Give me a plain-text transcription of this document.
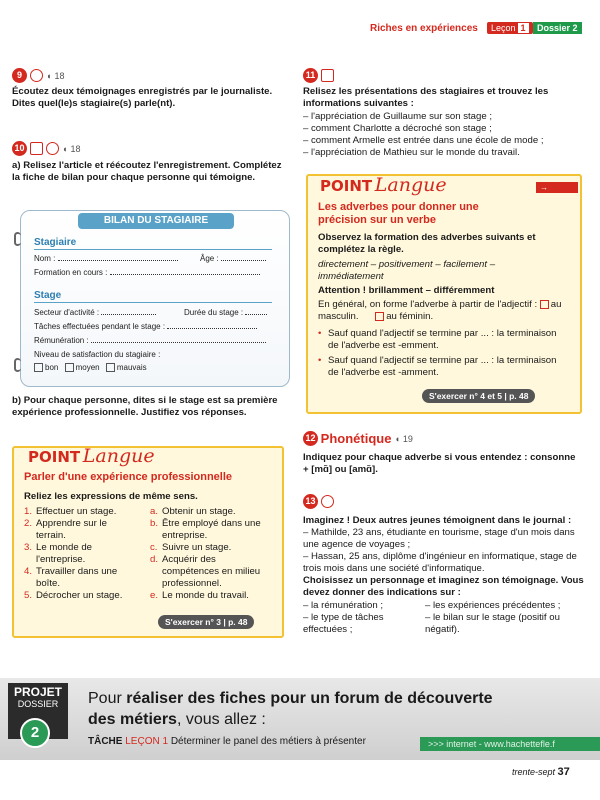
Riches en expériences	Leçon 1	Dossier 2
9	◖ 18
Écoutez deux témoignages enregistrés par le journaliste. Dites quel(le)s stagiaire(s) parle(nt).
10	◖ 18
a) Relisez l'article et réécoutez l'enregistrement. Complétez la fiche de bilan pour chaque personne qui témoigne.
BILAN DU STAGIAIRE
Stagiaire
Nom :	Âge :
Formation en cours :
Stage
Secteur d'activité :	Durée du stage :
Tâches effectuées pendant le stage :
Rémunération :
Niveau de satisfaction du stagiaire :
bon moyen mauvais
b) Pour chaque personne, dites si le stage est sa première expérience professionnelle. Justifiez vos réponses.
POINT Langue
Parler d'une expérience professionnelle
Reliez les expressions de même sens.
1. Effectuer un stage.
2. Apprendre sur le terrain.
3. Le monde de l'entreprise.
4. Travailler dans une boîte.
5. Décrocher un stage.
a. Obtenir un stage.
b. Être employé dans une entreprise.
c. Suivre un stage.
d. Acquérir des compétences en milieu professionnel.
e. Le monde du travail.
S'exercer n° 3 | p. 48
11
Relisez les présentations des stagiaires et trouvez les informations suivantes :
– l'appréciation de Guillaume sur son stage ;
– comment Charlotte a décroché son stage ;
– comment Armelle est entrée dans une école de mode ;
– l'appréciation de Mathieu sur le monde du travail.
POINT Langue	→
Les adverbes pour donner une précision sur un verbe
Observez la formation des adverbes suivants et complétez la règle.
directement – positivement – facilement – immédiatement
Attention ! brillamment – différemment
En général, on forme l'adverbe à partir de l'adjectif : au masculin.	au féminin.
• Sauf quand l'adjectif se termine par ... : la terminaison de l'adverbe est -emment.
• Sauf quand l'adjectif se termine par ... : la terminaison de l'adverbe est -amment.
S'exercer n° 4 et 5 | p. 48
12 Phonétique ◖ 19
Indiquez pour chaque adverbe si vous entendez : consonne + [mɑ̃] ou [amɑ̃].
13
Imaginez ! Deux autres jeunes témoignent dans le journal :
– Mathilde, 23 ans, étudiante en tourisme, stage d'un mois dans une agence de voyages ;
– Hassan, 25 ans, diplôme d'ingénieur en informatique, stage de trois mois dans une société d'informatique.
Choisissez un personnage et imaginez son témoignage. Vous devez donner des indications sur :
– la rémunération ;
– le type de tâches effectuées ;
– les expériences précédentes ;
– le bilan sur le stage (positif ou négatif).
PROJET
DOSSIER
2
Pour réaliser des fiches pour un forum de découverte
des métiers, vous allez :
TÂCHE LEÇON 1 Déterminer le panel des métiers à présenter	>>> internet - www.hachettefle.f
trente-sept 37
